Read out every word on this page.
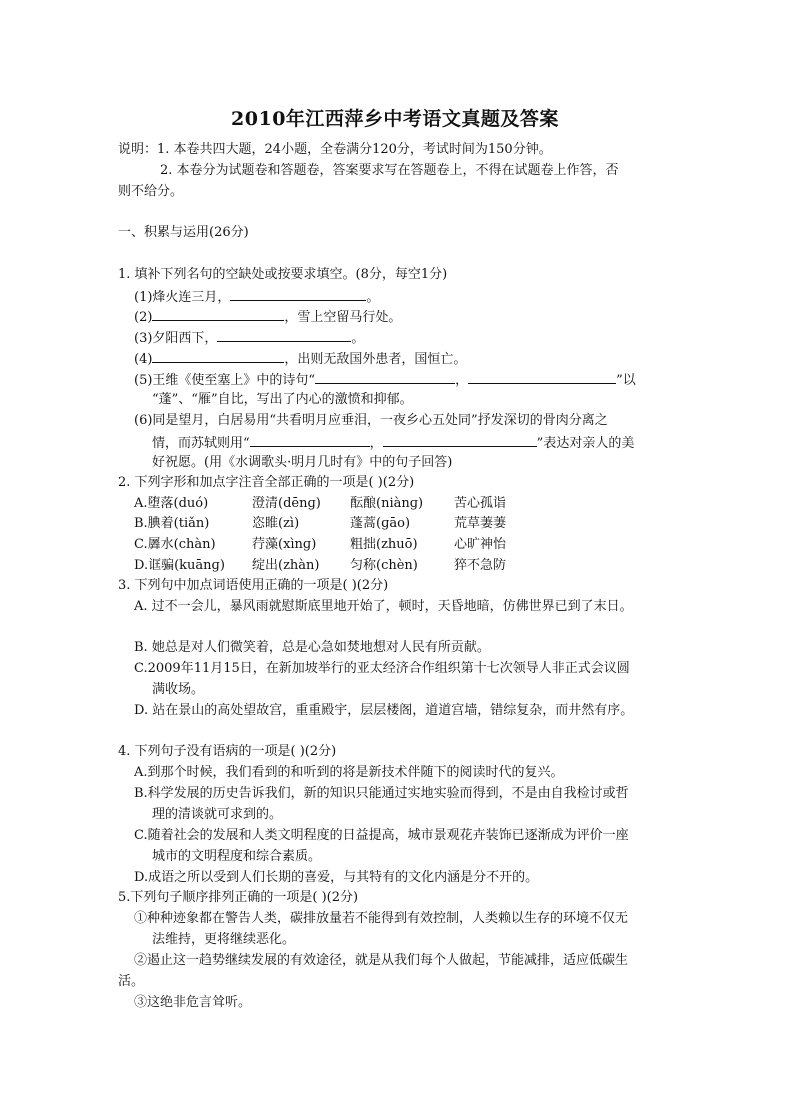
2010年江西萍乡中考语文真题及答案
说明：1. 本卷共四大题，24小题，全卷满分120分，考试时间为150分钟。
2. 本卷分为试题卷和答题卷，答案要求写在答题卷上，不得在试题卷上作答，否
则不给分。
一、积累与运用(26分)
1. 填补下列名句的空缺处或按要求填空。(8分，每空1分)
(1)烽火连三月，	。
(2)	，雪上空留马行处。
(3)夕阳西下，	。
(4)	，出则无敌国外患者，国恒亡。
(5)王维《使至塞上》中的诗句“	，	”以
“蓬”、“雁”自比，写出了内心的激愤和抑郁。
(6)同是望月，白居易用“共看明月应垂泪，一夜乡心五处同”抒发深切的骨肉分离之
情，而苏轼则用“	，	”表达对亲人的美
好祝愿。(用《水调歌头·明月几时有》中的句子回答)
2. 下列字形和加点字注音全部正确的一项是( )(2分)
A.堕落(duó)	澄清(dēnɡ) 酝酿(niànɡ) 苦心孤诣
B.腆着(tiǎn)	恣睢(zì)	蓬蒿(ɡāo)	荒草萋萋
C.羼水(chàn)	荇藻(xìnɡ)	粗拙(zhuō)	心旷神怡
D.诓骗(kuānɡ) 绽出(zhàn) 匀称(chèn)	猝不急防
3. 下列句中加点词语使用正确的一项是( )(2分)
A. 过不一会儿，暴风雨就慰斯底里地开始了，顿时，天昏地暗，仿佛世界已到了末日。
B. 她总是对人们微笑着，总是心急如焚地想对人民有所贡献。
C.2009年11月15日，在新加坡举行的亚太经济合作组织第十七次领导人非正式会议圆
满收场。
D. 站在景山的高处望故宫，重重殿宇，层层楼阁，道道宫墙，错综复杂，而井然有序。
4. 下列句子没有语病的一项是( )(2分)
A.到那个时候，我们看到的和听到的将是新技术伴随下的阅读时代的复兴。
B.科学发展的历史告诉我们，新的知识只能通过实地实验而得到，不是由自我检讨或哲
理的清谈就可求到的。
C.随着社会的发展和人类文明程度的日益提高，城市景观花卉装饰已逐渐成为评价一座
城市的文明程度和综合素质。
D.成语之所以受到人们长期的喜爱，与其特有的文化内涵是分不开的。
5.下列句子顺序排列正确的一项是( )(2分)
①种种迹象都在警告人类，碳排放量若不能得到有效控制，人类赖以生存的环境不仅无
法维持，更将继续恶化。
②遏止这一趋势继续发展的有效途径，就是从我们每个人做起，节能减排，适应低碳生
活。
③这绝非危言耸听。
